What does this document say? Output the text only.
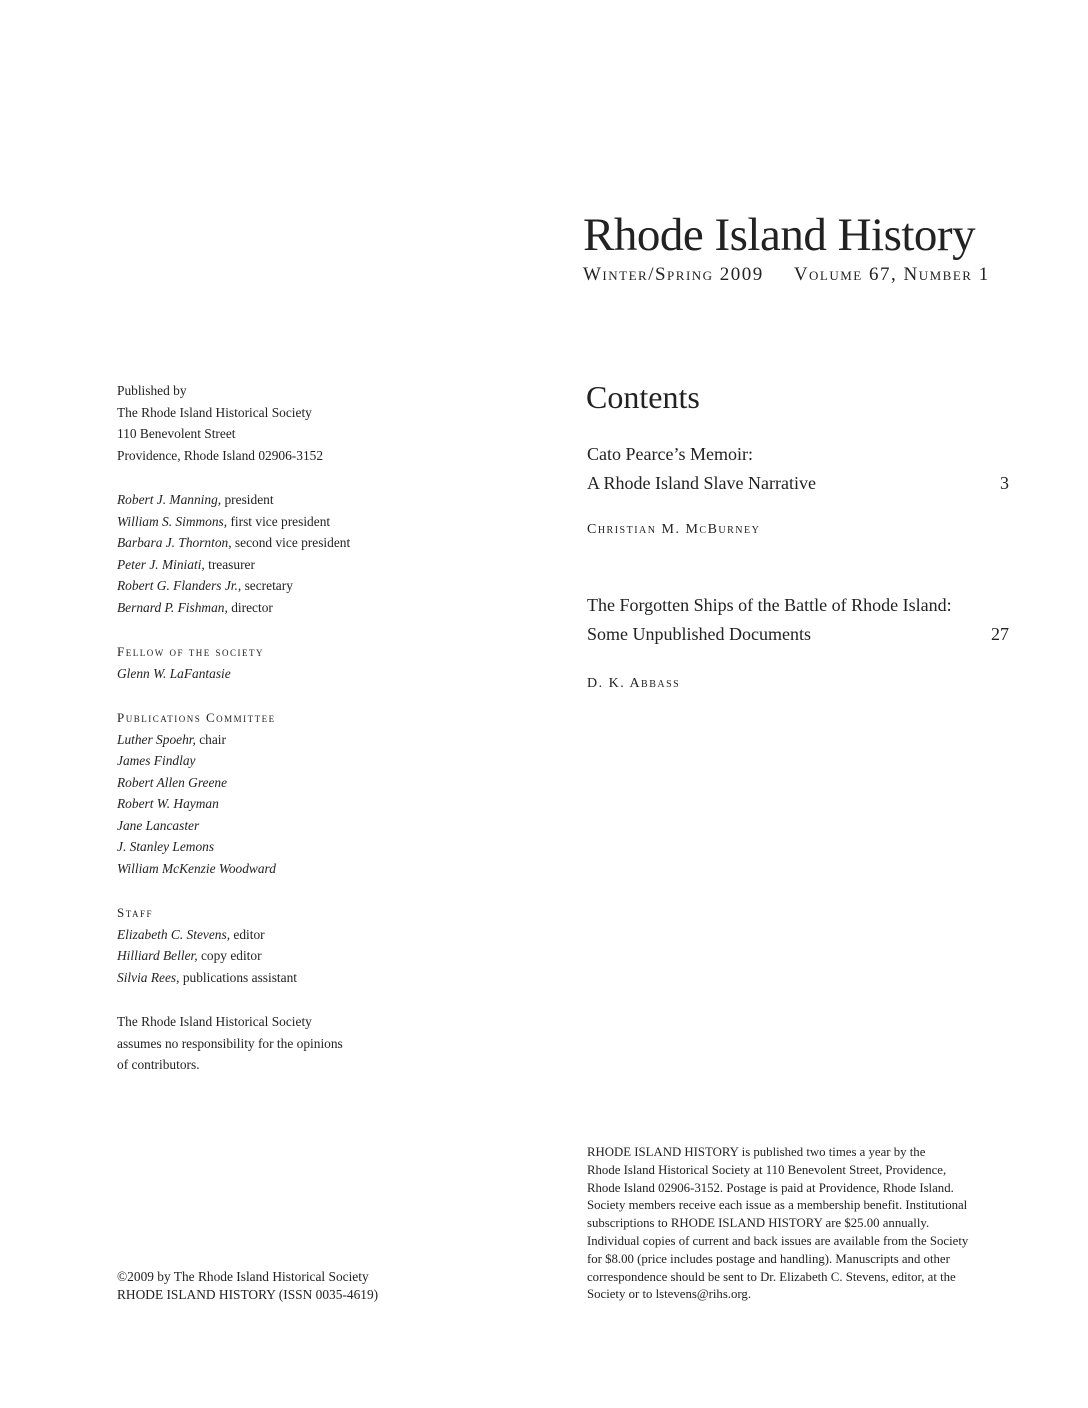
Rhode Island History
Winter/Spring 2009 Volume 67, Number 1
Published by
The Rhode Island Historical Society
110 Benevolent Street
Providence, Rhode Island 02906-3152
Robert J. Manning, president
William S. Simmons, first vice president
Barbara J. Thornton, second vice president
Peter J. Miniati, treasurer
Robert G. Flanders Jr., secretary
Bernard P. Fishman, director
Fellow of the society
Glenn W. LaFantasie
Publications Committee
Luther Spoehr, chair
James Findlay
Robert Allen Greene
Robert W. Hayman
Jane Lancaster
J. Stanley Lemons
William McKenzie Woodward
Staff
Elizabeth C. Stevens, editor
Hilliard Beller, copy editor
Silvia Rees, publications assistant
The Rhode Island Historical Society
assumes no responsibility for the opinions
of contributors.
Contents
Cato Pearce’s Memoir:
A Rhode Island Slave Narrative	3
Christian M. McBurney
The Forgotten Ships of the Battle of Rhode Island:
Some Unpublished Documents	27
D. K. Abbass
RHODE ISLAND HISTORY is published two times a year by the
Rhode Island Historical Society at 110 Benevolent Street, Providence,
Rhode Island 02906-3152. Postage is paid at Providence, Rhode Island.
Society members receive each issue as a membership benefit. Institutional
subscriptions to RHODE ISLAND HISTORY are $25.00 annually.
Individual copies of current and back issues are available from the Society
for $8.00 (price includes postage and handling). Manuscripts and other
correspondence should be sent to Dr. Elizabeth C. Stevens, editor, at the
Society or to lstevens@rihs.org.
©2009 by The Rhode Island Historical Society
RHODE ISLAND HISTORY (ISSN 0035-4619)
